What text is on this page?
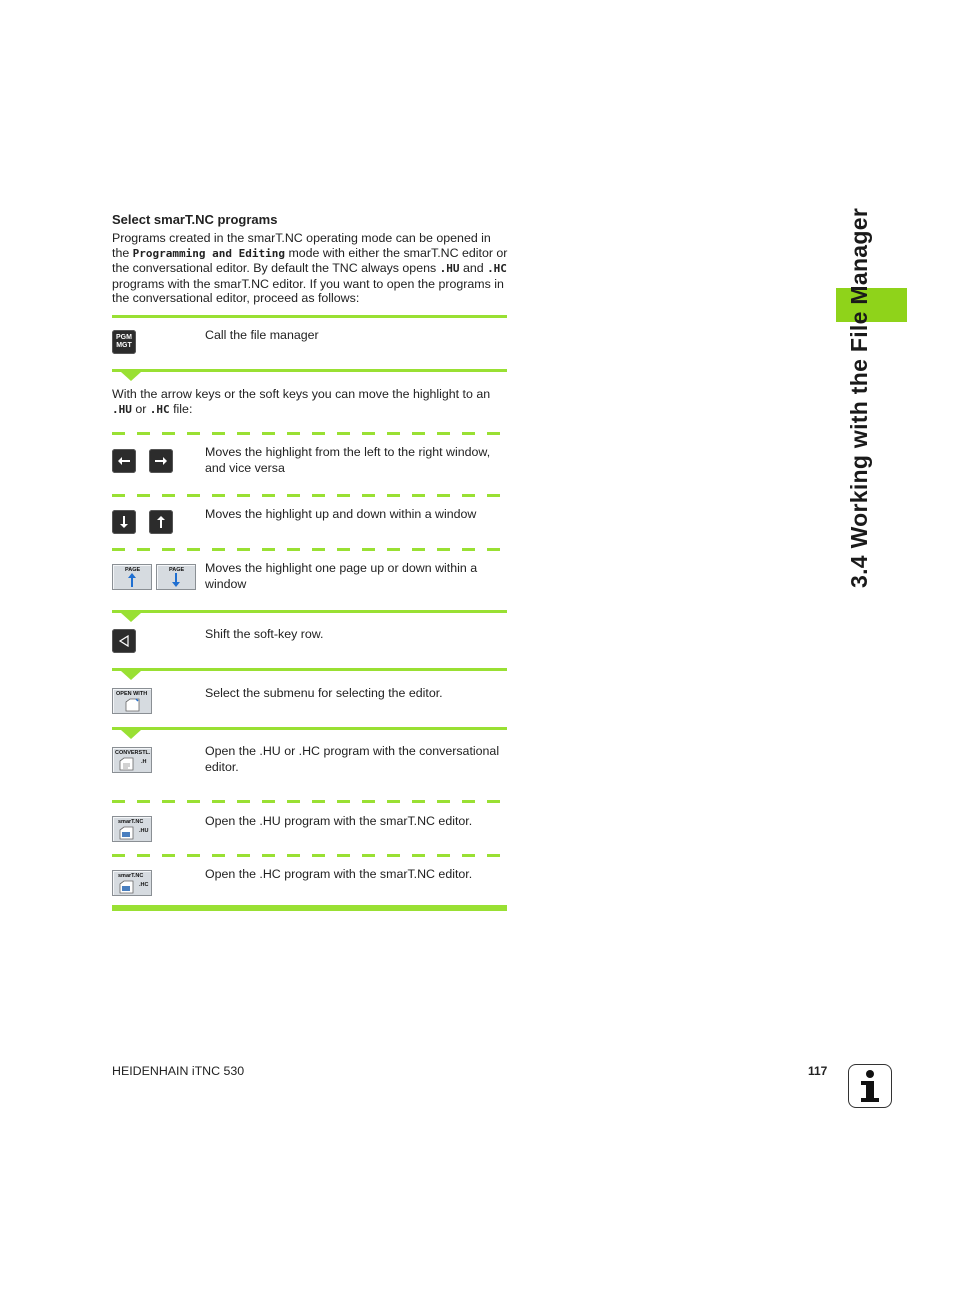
3.4 Working with the File Manager
Select smarT.NC programs
Programs created in the smarT.NC operating mode can be opened in the Programming and Editing mode with either the smarT.NC editor or the conversational editor. By default the TNC always opens .HU and .HC programs with the smarT.NC editor. If you want to open the programs in the conversational editor, proceed as follows:
PGM
MGT
Call the file manager
With the arrow keys or the soft keys you can move the highlight to an .HU or .HC file:
Moves the highlight from the left to the right window, and vice versa
Moves the highlight up and down within a window
PAGE	PAGE Moves the highlight one page up or down within a window
Shift the soft-key row.
OPEN WITH	Select the submenu for selecting the editor.
CONVERSTL.
.H
Open the .HU or .HC program with the conversational editor.
smarT.NC
.HU
Open the .HU program with the smarT.NC editor.
smarT.NC
.HC
Open the .HC program with the smarT.NC editor.
HEIDENHAIN iTNC 530	117
